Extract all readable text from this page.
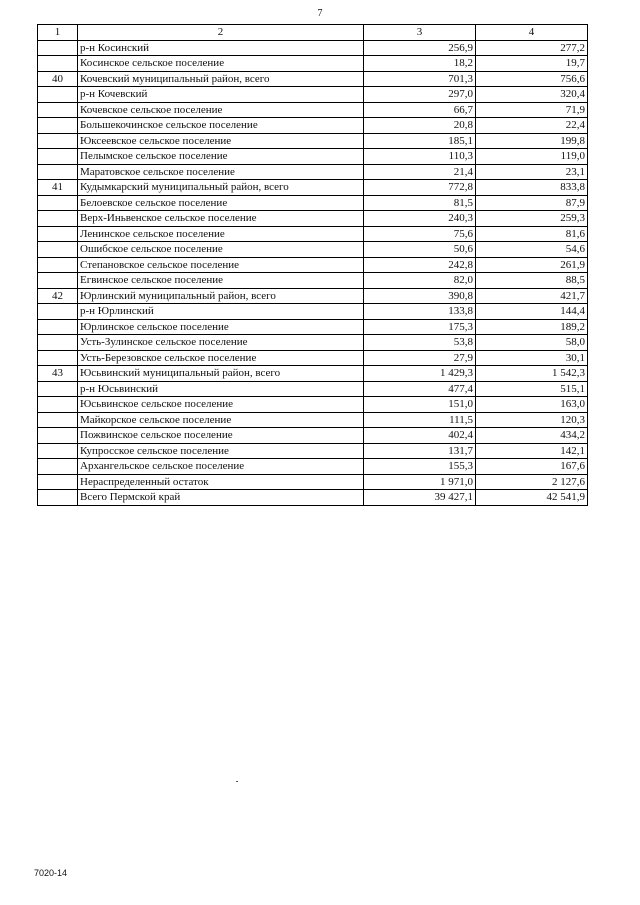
7
1	2	3	4
	р-н Косинский	256,9	277,2
	Косинское сельское поселение	18,2	19,7
40	Кочевский муниципальный район, всего	701,3	756,6
	р-н Кочевский	297,0	320,4
	Кочевское сельское поселение	66,7	71,9
	Большекочинское сельское поселение	20,8	22,4
	Юксеевское сельское поселение	185,1	199,8
	Пелымское сельское поселение	110,3	119,0
	Маратовское сельское поселение	21,4	23,1
41	Кудымкарский муниципальный район, всего	772,8	833,8
	Белоевское сельское поселение	81,5	87,9
	Верх-Иньвенское сельское поселение	240,3	259,3
	Ленинское сельское поселение	75,6	81,6
	Ошибское сельское поселение	50,6	54,6
	Степановское сельское поселение	242,8	261,9
	Егвинское сельское поселение	82,0	88,5
42	Юрлинский муниципальный район, всего	390,8	421,7
	р-н Юрлинский	133,8	144,4
	Юрлинское сельское поселение	175,3	189,2
	Усть-Зулинское сельское поселение	53,8	58,0
	Усть-Березовское сельское поселение	27,9	30,1
43	Юсьвинский муниципальный район, всего	1 429,3	1 542,3
	р-н Юсьвинский	477,4	515,1
	Юсьвинское сельское поселение	151,0	163,0
	Майкорское сельское поселение	111,5	120,3
	Пожвинское сельское поселение	402,4	434,2
	Купросское сельское поселение	131,7	142,1
	Архангельское сельское поселение	155,3	167,6
	Нераспределенный остаток	1 971,0	2 127,6
	Всего Пермской край	39 427,1	42 541,9
7020-14
